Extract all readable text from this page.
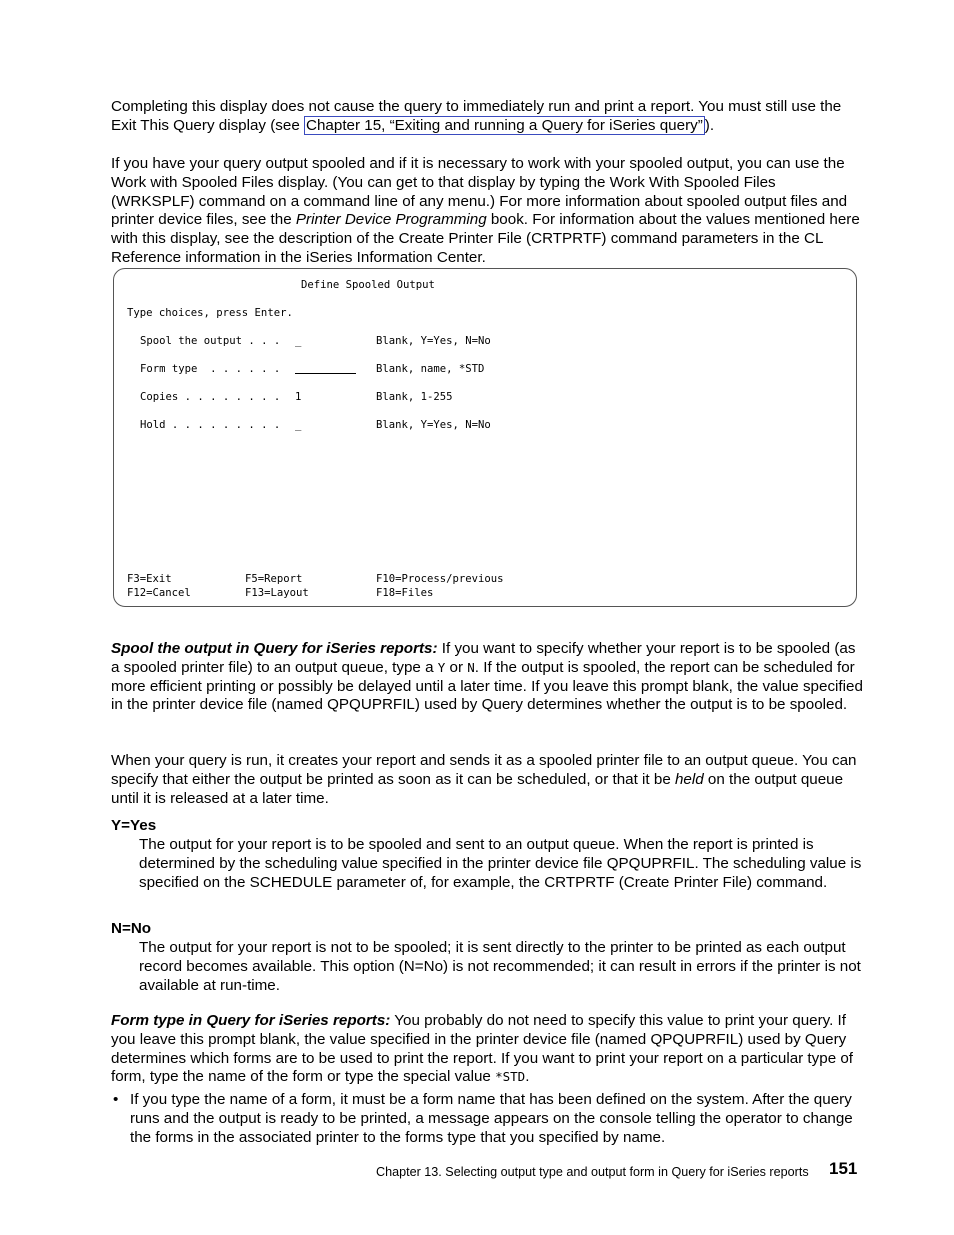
Completing this display does not cause the query to immediately run and print a report. You must still use the Exit This Query display (see Chapter 15, “Exiting and running a Query for iSeries query” ).

If you have your query output spooled and if it is necessary to work with your spooled output, you can use the Work with Spooled Files display. (You can get to that display by typing the Work With Spooled Files (WRKSPLF) command on a command line of any menu.) For more information about spooled output files and printer device files, see the Printer Device Programming book. For information about the values mentioned here with this display, see the description of the Create Printer File (CRTPRTF) command parameters in the CL Reference information in the iSeries Information Center.

Define Spooled Output

Type choices, press Enter.

Spool the output . . . _	Blank, Y=Yes, N=No

Form type  . . . . . .	Blank, name, *STD

Copies . . . . . . . . 1	Blank, 1-255

Hold . . . . . . . . . _	Blank, Y=Yes, N=No

F3=Exit	F5=Report	F10=Process/previous

F12=Cancel	F13=Layout	F18=Files

Spool the output in Query for iSeries reports: If you want to specify whether your report is to be spooled (as a spooled printer file) to an output queue, type a Y or N. If the output is spooled, the report can be scheduled for more efficient printing or possibly be delayed until a later time. If you leave this prompt blank, the value specified in the printer device file (named QPQUPRFIL) used by Query determines whether the output is to be spooled.

When your query is run, it creates your report and sends it as a spooled printer file to an output queue. You can specify that either the output be printed as soon as it can be scheduled, or that it be held on the output queue until it is released at a later time.

Y=Yes

The output for your report is to be spooled and sent to an output queue. When the report is printed is determined by the scheduling value specified in the printer device file QPQUPRFIL. The scheduling value is specified on the SCHEDULE parameter of, for example, the CRTPRTF (Create Printer File) command.

N=No

The output for your report is not to be spooled; it is sent directly to the printer to be printed as each output record becomes available. This option (N=No) is not recommended; it can result in errors if the printer is not available at run-time.

Form type in Query for iSeries reports: You probably do not need to specify this value to print your query. If you leave this prompt blank, the value specified in the printer device file (named QPQUPRFIL) used by Query determines which forms are to be used to print the report. If you want to print your report on a particular type of form, type the name of the form or type the special value *STD.

• If you type the name of a form, it must be a form name that has been defined on the system. After the query runs and the output is ready to be printed, a message appears on the console telling the operator to change the forms in the associated printer to the forms type that you specified by name.

Chapter 13. Selecting output type and output form in Query for iSeries reports 151
